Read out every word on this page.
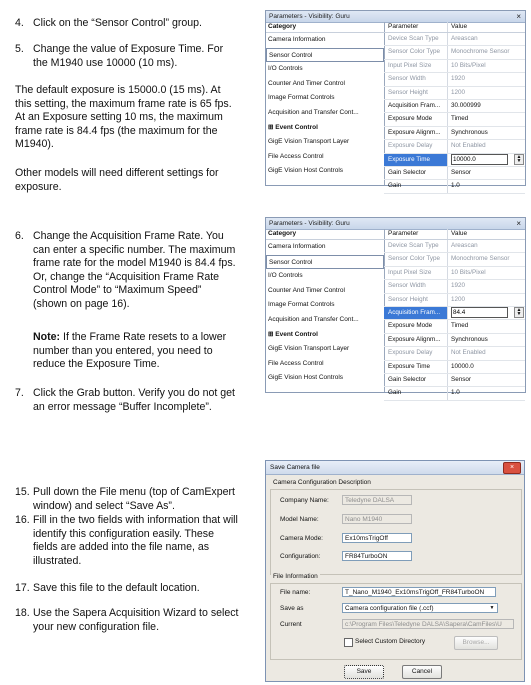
4. Click on the “Sensor Control” group.
5. Change the value of Exposure Time. For
the M1940 use 10000 (10 ms).
The default exposure is 15000.0 (15 ms). At
this setting, the maximum frame rate is 65 fps.
At an Exposure setting 10 ms, the maximum
frame rate is 84.4 fps (the maximum for the
M1940).
Other models will need different settings for
exposure.
6. Change the Acquisition Frame Rate. You
can enter a specific number. The maximum
frame rate for the model M1940 is 84.4 fps.
Or, change the “Acquisition Frame Rate
Control Mode” to “Maximum Speed”
(shown on page 16).
Note: If the Frame Rate resets to a lower
number than you entered, you need to
reduce the Exposure Time.
7. Click the Grab button. Verify you do not get
an error message “Buffer Incomplete”.
15. Pull down the File menu (top of CamExpert
window) and select “Save As”.
16. Fill in the two fields with information that will
identify this configuration easily. These
fields are added into the file name, as
illustrated.
17. Save this file to the default location.
18. Use the Sapera Acquisition Wizard to select
your new configuration file.
Parameters - Visibility: Guru	×
Category
Camera Information
Sensor Control
I/O Controls
Counter And Timer Control
Image Format Controls
Acquisition and Transfer Cont...
⊞ Event Control
GigE Vision Transport Layer
File Access Control
GigE Vision Host Controls
Parameter	Value
Device Scan Type	Areascan
Sensor Color Type	Monochrome Sensor
Input Pixel Size	10 Bits/Pixel
Sensor Width	1920
Sensor Height	1200
Acquisition Fram...	30.000999
Exposure Mode	Timed
Exposure Alignm...	Synchronous
Exposure Delay	Not Enabled
Exposure Time	10000.0	▲
▼
Gain Selector	Sensor
Gain	1.0
Parameters - Visibility: Guru	×
Category
Camera Information
Sensor Control
I/O Controls
Counter And Timer Control
Image Format Controls
Acquisition and Transfer Cont...
⊞ Event Control
GigE Vision Transport Layer
File Access Control
GigE Vision Host Controls
Parameter	Value
Device Scan Type	Areascan
Sensor Color Type	Monochrome Sensor
Input Pixel Size	10 Bits/Pixel
Sensor Width	1920
Sensor Height	1200
Acquisition Fram...	84.4	▲
▼
Exposure Mode	Timed
Exposure Alignm...	Synchronous
Exposure Delay	Not Enabled
Exposure Time	10000.0
Gain Selector	Sensor
Gain	1.0
Save Camera file	×
Camera Configuration Description
Company Name:	Teledyne DALSA
Model Name:	Nano M1940
Camera Mode:	Ex10msTrigOff
Configuration:	FR84TurboON
File Information
File name:	T_Nano_M1940_Ex10msTrigOff_FR84TurboON
Save as	Camera configuration file (.ccf)	▼
Current	c:\Program Files\Teledyne DALSA\Sapera\CamFiles\U
Select Custom Directory	Browse...
Save	Cancel
